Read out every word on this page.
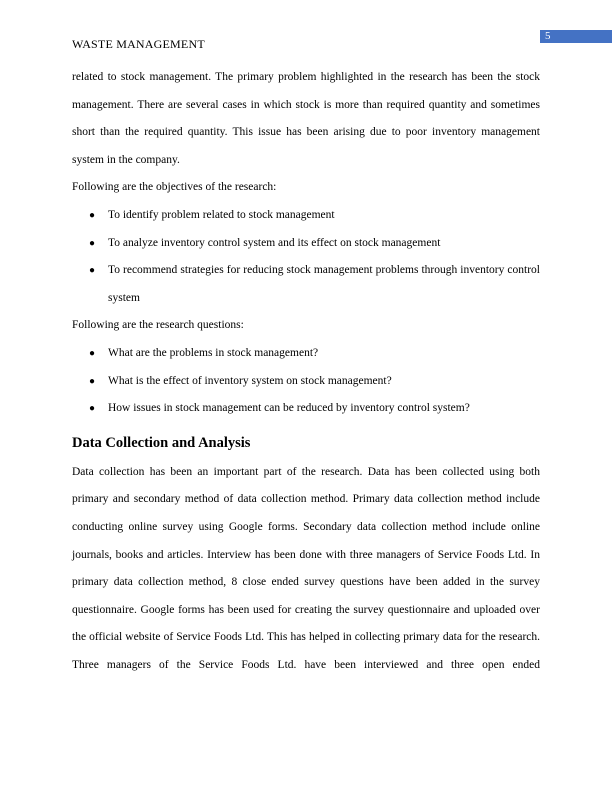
WASTE MANAGEMENT
5

related to stock management. The primary problem highlighted in the research has been the stock management. There are several cases in which stock is more than required quantity and sometimes short than the required quantity. This issue has been arising due to poor inventory management system in the company.

Following are the objectives of the research:

● To identify problem related to stock management
● To analyze inventory control system and its effect on stock management
● To recommend strategies for reducing stock management problems through inventory control system

Following are the research questions:

● What are the problems in stock management?
● What is the effect of inventory system on stock management?
● How issues in stock management can be reduced by inventory control system?
Data Collection and Analysis

Data collection has been an important part of the research. Data has been collected using both primary and secondary method of data collection method. Primary data collection method include conducting online survey using Google forms. Secondary data collection method include online journals, books and articles. Interview has been done with three managers of Service Foods Ltd. In primary data collection method, 8 close ended survey questions have been added in the survey questionnaire. Google forms has been used for creating the survey questionnaire and uploaded over the official website of Service Foods Ltd. This has helped in collecting primary data for the research. Three managers of the Service Foods Ltd. have been interviewed and three open ended
